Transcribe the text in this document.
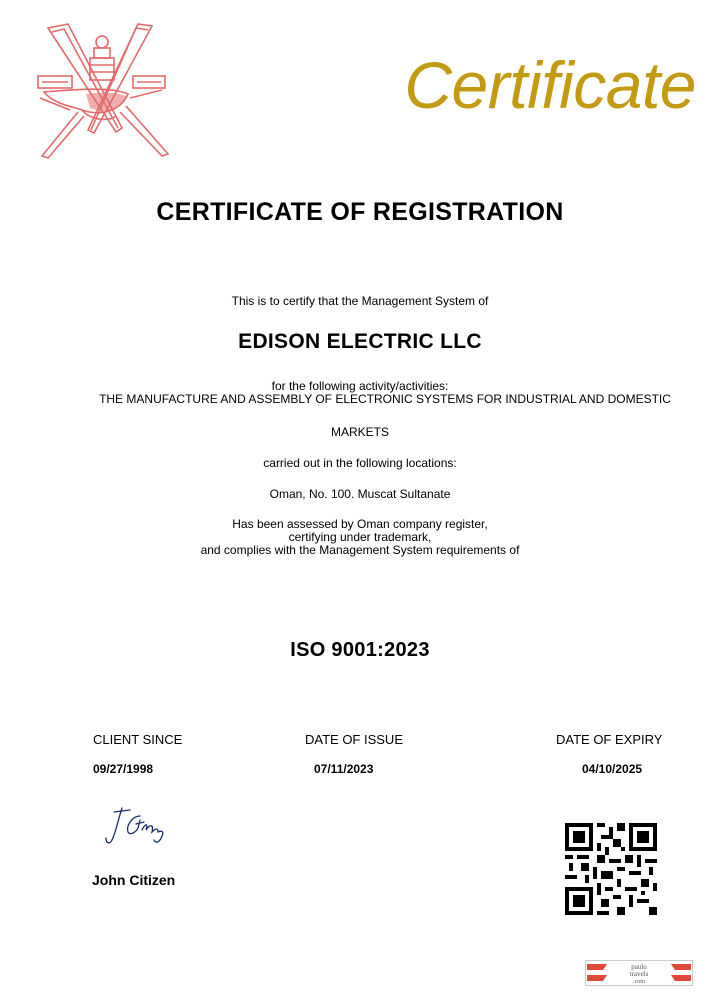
Certificate
CERTIFICATE OF REGISTRATION
This is to certify that the Management System of
EDISON ELECTRIC LLC
for the following activity/activities:
THE MANUFACTURE AND ASSEMBLY OF ELECTRONIC SYSTEMS FOR INDUSTRIAL AND DOMESTIC
MARKETS
carried out in the following locations:
Oman, No. 100. Muscat Sultanate
Has been assessed by Oman company register,
certifying under trademark,
and complies with the Management System requirements of
ISO 9001:2023
CLIENT SINCE
09/27/1998
DATE OF ISSUE
07/11/2023
DATE OF EXPIRY
04/10/2025
John Citizen
paulo
travels
.com
